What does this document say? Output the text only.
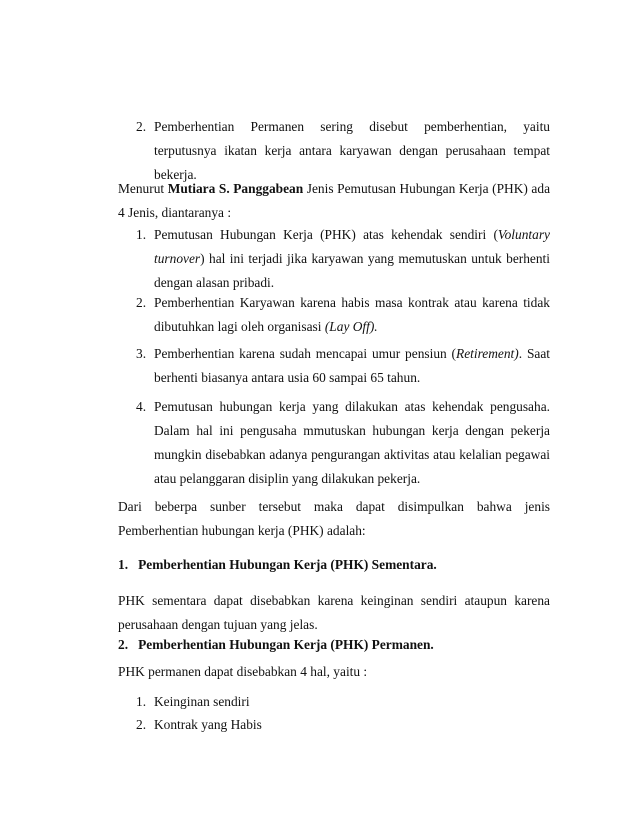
2. Pemberhentian Permanen sering disebut pemberhentian, yaitu terputusnya ikatan kerja antara karyawan dengan perusahaan tempat bekerja.
Menurut Mutiara S. Panggabean Jenis Pemutusan Hubungan Kerja (PHK) ada 4 Jenis, diantaranya :
1. Pemutusan Hubungan Kerja (PHK) atas kehendak sendiri (Voluntary turnover) hal ini terjadi jika karyawan yang memutuskan untuk berhenti dengan alasan pribadi.
2. Pemberhentian Karyawan karena habis masa kontrak atau karena tidak dibutuhkan lagi oleh organisasi (Lay Off).
3. Pemberhentian karena sudah mencapai umur pensiun (Retirement). Saat berhenti biasanya antara usia 60 sampai 65 tahun.
4. Pemutusan hubungan kerja yang dilakukan atas kehendak pengusaha. Dalam hal ini pengusaha mmutuskan hubungan kerja dengan pekerja mungkin disebabkan adanya pengurangan aktivitas atau kelalian pegawai atau pelanggaran disiplin yang dilakukan pekerja.
Dari beberpa sunber tersebut maka dapat disimpulkan bahwa jenis Pemberhentian hubungan kerja (PHK) adalah:
1.   Pemberhentian Hubungan Kerja (PHK) Sementara.
PHK sementara dapat disebabkan karena keinginan sendiri ataupun karena perusahaan dengan tujuan yang jelas.
2.   Pemberhentian Hubungan Kerja (PHK) Permanen.
PHK permanen dapat disebabkan 4 hal, yaitu :
1. Keinginan sendiri
2. Kontrak yang Habis
